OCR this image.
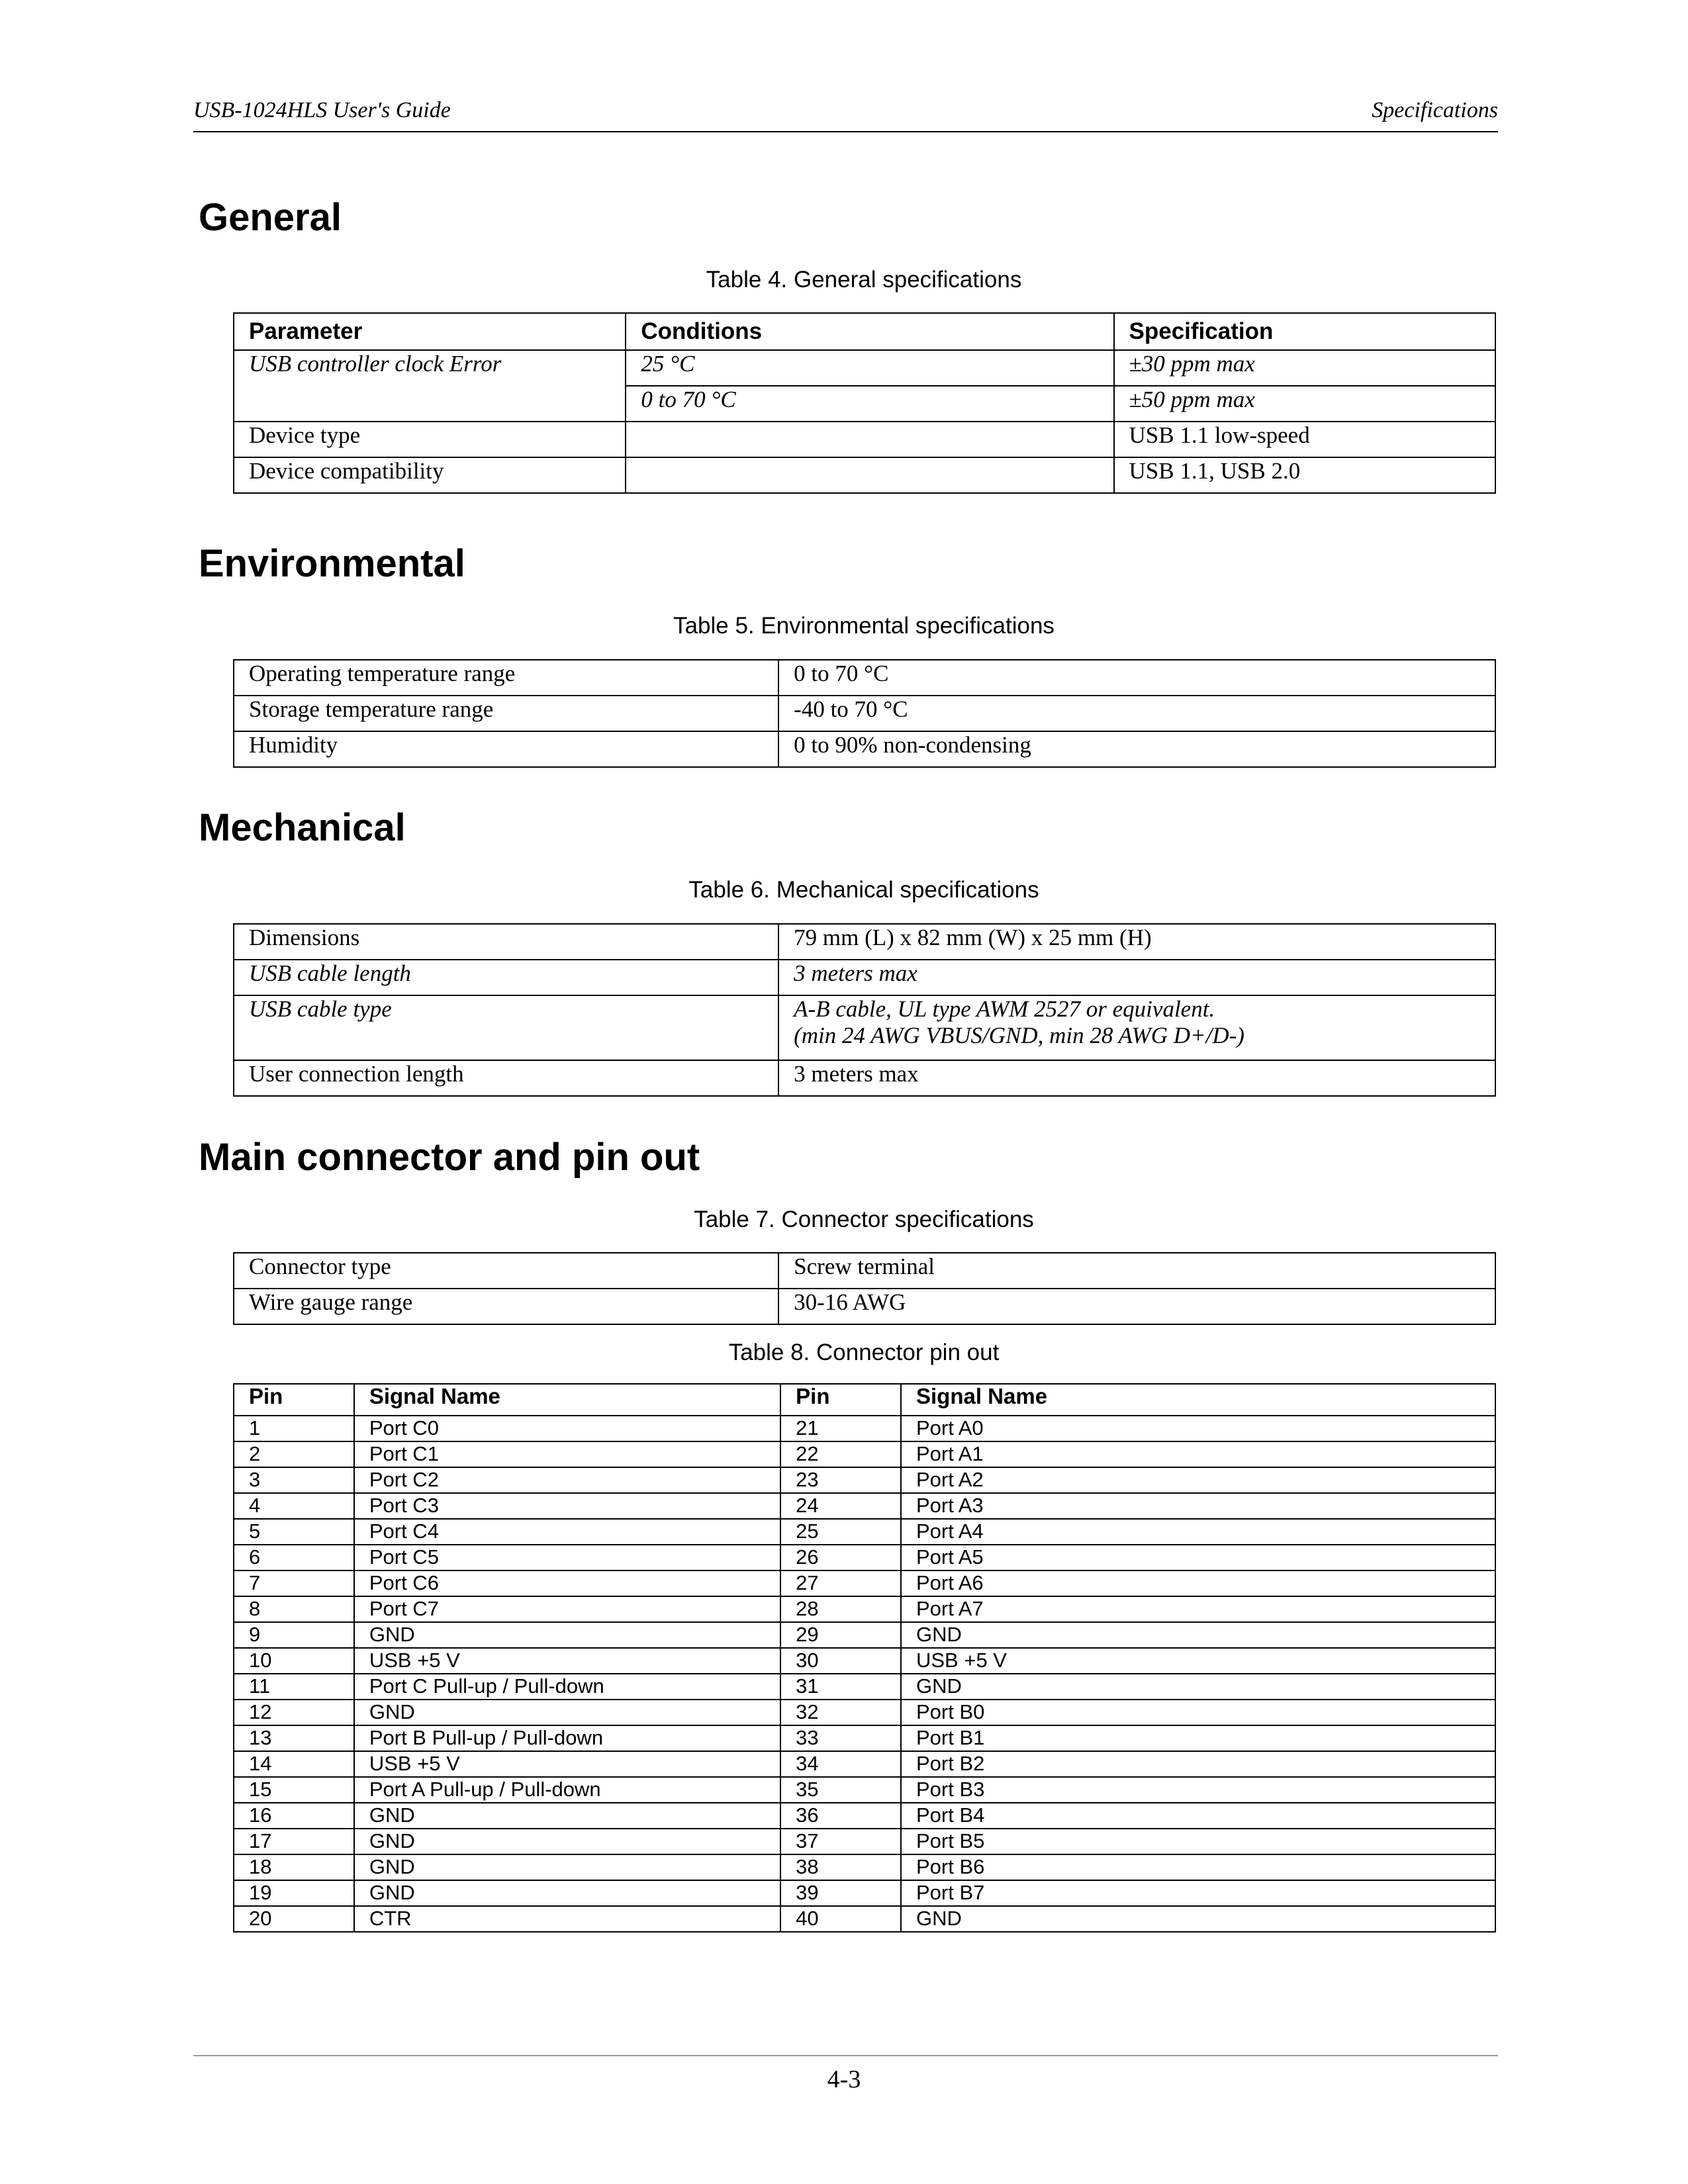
USB-1024HLS User's Guide	Specifications
General
Table 4. General specifications
Parameter	Conditions	Specification
USB controller clock Error	25 °C	±30 ppm max
	0 to 70 °C	±50 ppm max
Device type		USB 1.1 low-speed
Device compatibility		USB 1.1, USB 2.0
Environmental
Table 5. Environmental specifications
Operating temperature range	0 to 70 °C
Storage temperature range	-40 to 70 °C
Humidity	0 to 90% non-condensing
Mechanical
Table 6. Mechanical specifications
Dimensions	79 mm (L) x 82 mm (W) x 25 mm (H)
USB cable length	3 meters max
USB cable type	A-B cable, UL type AWM 2527 or equivalent.
(min 24 AWG VBUS/GND, min 28 AWG D+/D-)

User connection length	3 meters max
Main connector and pin out
Table 7. Connector specifications
Connector type	Screw terminal
Wire gauge range	30-16 AWG
Table 8. Connector pin out
Pin	Signal Name	Pin	Signal Name
1	Port C0	21	Port A0
2	Port C1	22	Port A1
3	Port C2	23	Port A2
4	Port C3	24	Port A3
5	Port C4	25	Port A4
6	Port C5	26	Port A5
7	Port C6	27	Port A6
8	Port C7	28	Port A7
9	GND	29	GND
10	USB +5 V	30	USB +5 V
11	Port C Pull-up / Pull-down	31	GND
12	GND	32	Port B0
13	Port B Pull-up / Pull-down	33	Port B1
14	USB +5 V	34	Port B2
15	Port A Pull-up / Pull-down	35	Port B3
16	GND	36	Port B4
17	GND	37	Port B5
18	GND	38	Port B6
19	GND	39	Port B7
20	CTR	40	GND
4-3
